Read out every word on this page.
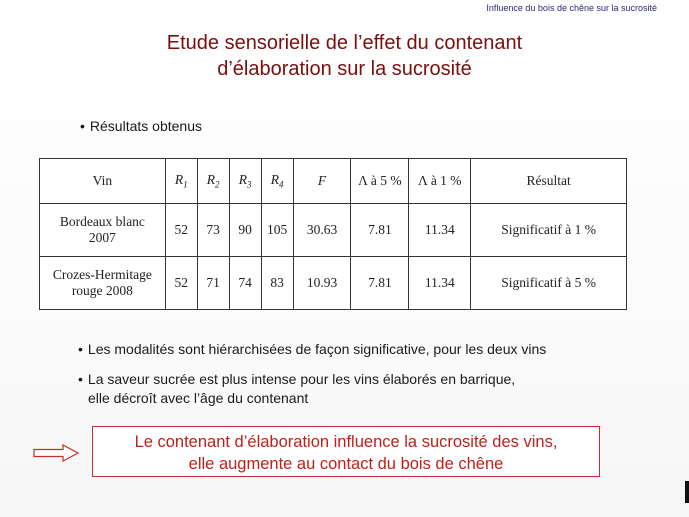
Influence du bois de chêne sur la sucrosité
Etude sensorielle de l’effet du contenant
d’élaboration sur la sucrosité
• Résultats obtenus
Vin	$R_1$	$R_2$	$R_3$	$R_4$	F	Λ à 5 %	Λ à 1 %	Résultat
Bordeaux blanc
2007	52	73	90	105	30.63	7.81	11.34	Significatif à 1 %
Crozes-Hermitage
rouge 2008	52	71	74	83	10.93	7.81	11.34	Significatif à 5 %
• Les modalités sont hiérarchisées de façon significative, pour les deux vins
• La saveur sucrée est plus intense pour les vins élaborés en barrique,
elle décroît avec l’âge du contenant
Le contenant d’élaboration influence la sucrosité des vins,
elle augmente au contact du bois de chêne
